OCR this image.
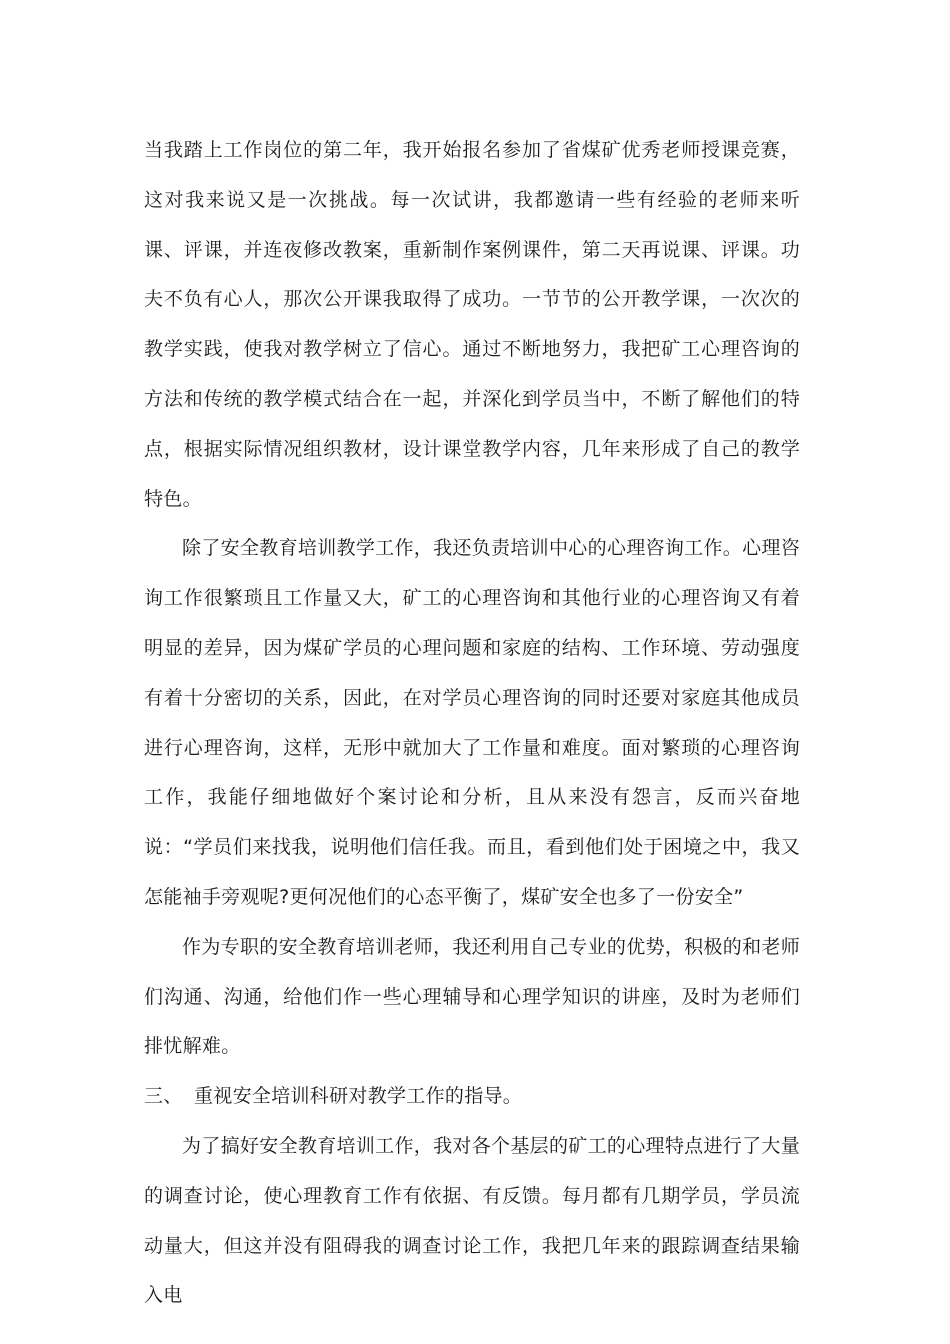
当我踏上工作岗位的第二年，我开始报名参加了省煤矿优秀老师授课竞赛，这对我来说又是一次挑战。每一次试讲，我都邀请一些有经验的老师来听课、评课，并连夜修改教案，重新制作案例课件，第二天再说课、评课。功夫不负有心人，那次公开课我取得了成功。一节节的公开教学课，一次次的教学实践，使我对教学树立了信心。通过不断地努力，我把矿工心理咨询的方法和传统的教学模式结合在一起，并深化到学员当中，不断了解他们的特点，根据实际情况组织教材，设计课堂教学内容，几年来形成了自己的教学特色。

除了安全教育培训教学工作，我还负责培训中心的心理咨询工作。心理咨询工作很繁琐且工作量又大，矿工的心理咨询和其他行业的心理咨询又有着明显的差异，因为煤矿学员的心理问题和家庭的结构、工作环境、劳动强度有着十分密切的关系，因此，在对学员心理咨询的同时还要对家庭其他成员进行心理咨询，这样，无形中就加大了工作量和难度。面对繁琐的心理咨询工作，我能仔细地做好个案讨论和分析，且从来没有怨言，反而兴奋地说：“学员们来找我，说明他们信任我。而且，看到他们处于困境之中，我又怎能袖手旁观呢?更何况他们的心态平衡了，煤矿安全也多了一份安全”

作为专职的安全教育培训老师，我还利用自己专业的优势，积极的和老师们沟通、沟通，给他们作一些心理辅导和心理学知识的讲座，及时为老师们排忧解难。

三、 重视安全培训科研对教学工作的指导。

为了搞好安全教育培训工作，我对各个基层的矿工的心理特点进行了大量的调查讨论，使心理教育工作有依据、有反馈。每月都有几期学员，学员流动量大，但这并没有阻碍我的调查讨论工作，我把几年来的跟踪调查结果输入电
